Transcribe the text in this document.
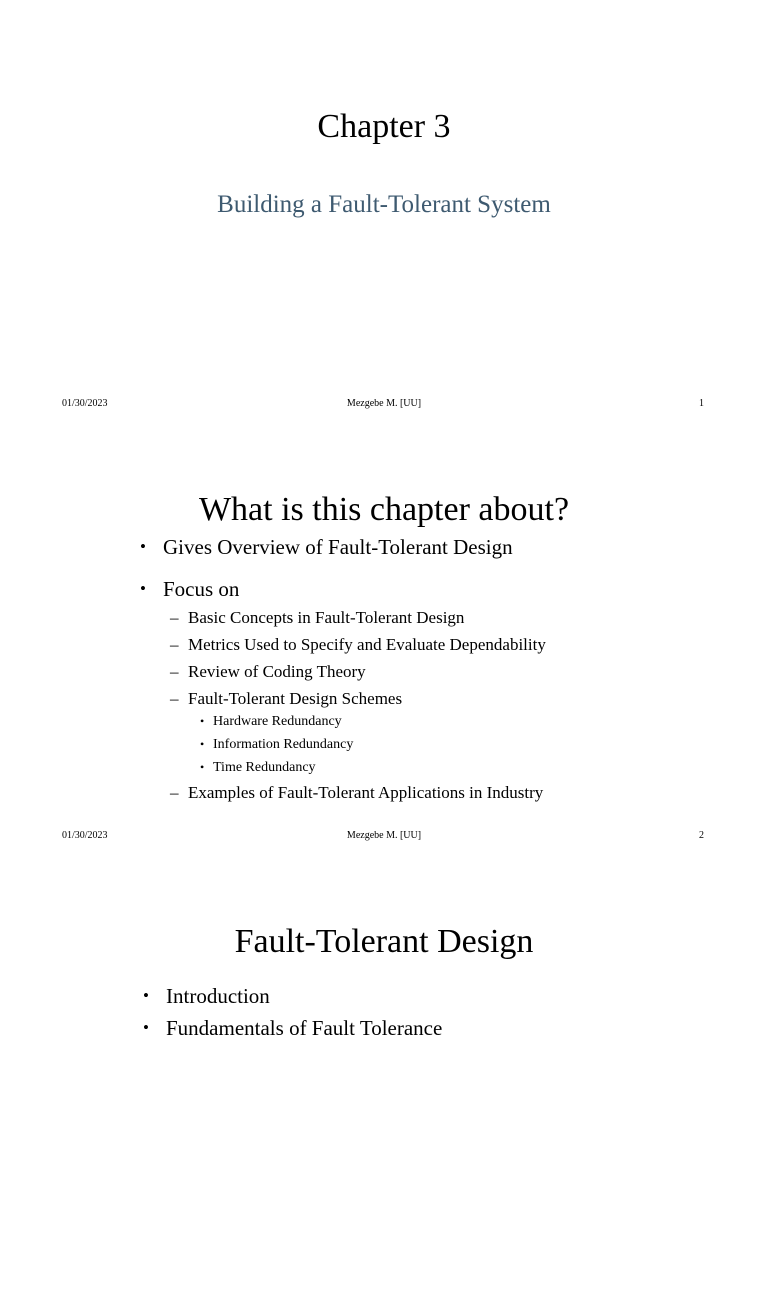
Chapter 3
Building a Fault-Tolerant System
01/30/2023	Mezgebe M. [UU]	1
What is this chapter about?
• Gives Overview of Fault-Tolerant Design
• Focus on
– Basic Concepts in Fault-Tolerant Design
– Metrics Used to Specify and Evaluate Dependability
– Review of Coding Theory
– Fault-Tolerant Design Schemes
• Hardware Redundancy
• Information Redundancy
• Time Redundancy
– Examples of Fault-Tolerant Applications in Industry
01/30/2023	Mezgebe M. [UU]	2
Fault-Tolerant Design
• Introduction
• Fundamentals of Fault Tolerance
